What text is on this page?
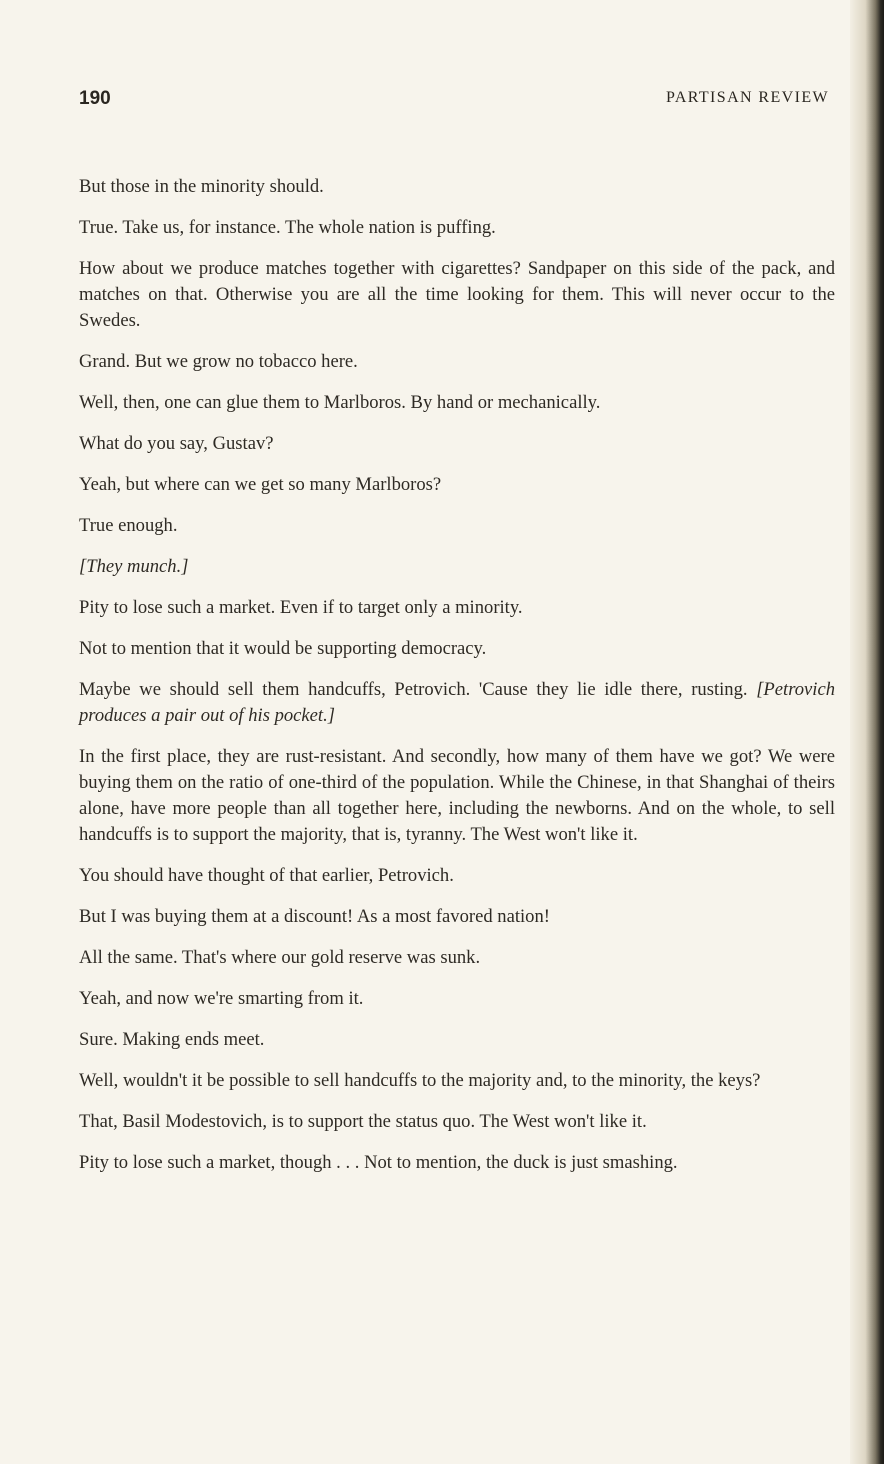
190	PARTISAN REVIEW

But those in the minority should.

True. Take us, for instance. The whole nation is puffing.

How about we produce matches together with cigarettes? Sandpaper on this side of the pack, and matches on that. Otherwise you are all the time looking for them. This will never occur to the Swedes.

Grand. But we grow no tobacco here.

Well, then, one can glue them to Marlboros. By hand or mechanically.

What do you say, Gustav?

Yeah, but where can we get so many Marlboros?

True enough.

[They munch.]

Pity to lose such a market. Even if to target only a minority.

Not to mention that it would be supporting democracy.

Maybe we should sell them handcuffs, Petrovich. 'Cause they lie idle there, rusting. [Petrovich produces a pair out of his pocket.]

In the first place, they are rust-resistant. And secondly, how many of them have we got? We were buying them on the ratio of one-third of the population. While the Chinese, in that Shanghai of theirs alone, have more people than all together here, including the newborns. And on the whole, to sell handcuffs is to support the majority, that is, tyranny. The West won't like it.

You should have thought of that earlier, Petrovich.

But I was buying them at a discount! As a most favored nation!

All the same. That's where our gold reserve was sunk.

Yeah, and now we're smarting from it.

Sure. Making ends meet.

Well, wouldn't it be possible to sell handcuffs to the majority and, to the minority, the keys?

That, Basil Modestovich, is to support the status quo. The West won't like it.

Pity to lose such a market, though . . . Not to mention, the duck is just smashing.
